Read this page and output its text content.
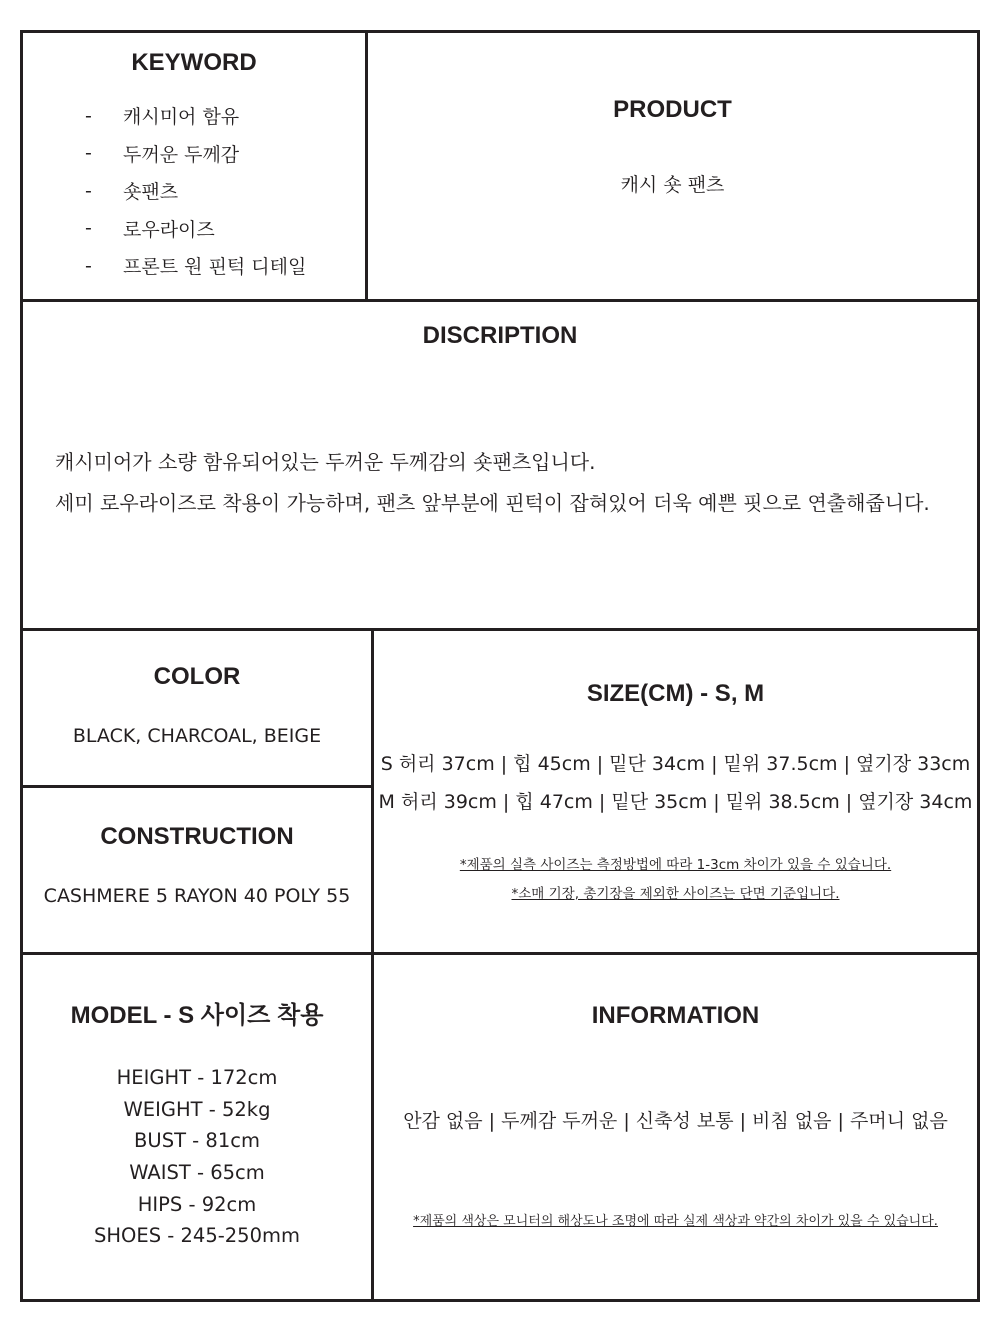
KEYWORD
-	캐시미어 함유
-	두꺼운 두께감
-	숏팬츠
-	로우라이즈
-	프론트 원 핀턱 디테일
PRODUCT
캐시 숏 팬츠
DISCRIPTION
캐시미어가 소량 함유되어있는 두꺼운 두께감의 숏팬츠입니다.
세미 로우라이즈로 착용이 가능하며, 팬츠 앞부분에 핀턱이 잡혀있어 더욱 예쁜 핏으로 연출해줍니다.
COLOR
BLACK, CHARCOAL, BEIGE
CONSTRUCTION
CASHMERE 5 RAYON 40 POLY 55
SIZE(CM) - S, M
S 허리 37cm | 힙 45cm | 밑단 34cm | 밑위 37.5cm | 옆기장 33cm
M 허리 39cm | 힙 47cm | 밑단 35cm | 밑위 38.5cm | 옆기장 34cm
*제품의 실측 사이즈는 측정방법에 따라 1-3cm 차이가 있을 수 있습니다.
*소매 기장, 총기장을 제외한 사이즈는 단면 기준입니다.
MODEL - S 사이즈 착용
HEIGHT - 172cm
WEIGHT - 52kg
BUST - 81cm
WAIST - 65cm
HIPS - 92cm
SHOES - 245-250mm
INFORMATION
안감 없음 | 두께감 두꺼운 | 신축성 보통 | 비침 없음 | 주머니 없음
*제품의 색상은 모니터의 해상도나 조명에 따라 실제 색상과 약간의 차이가 있을 수 있습니다.
